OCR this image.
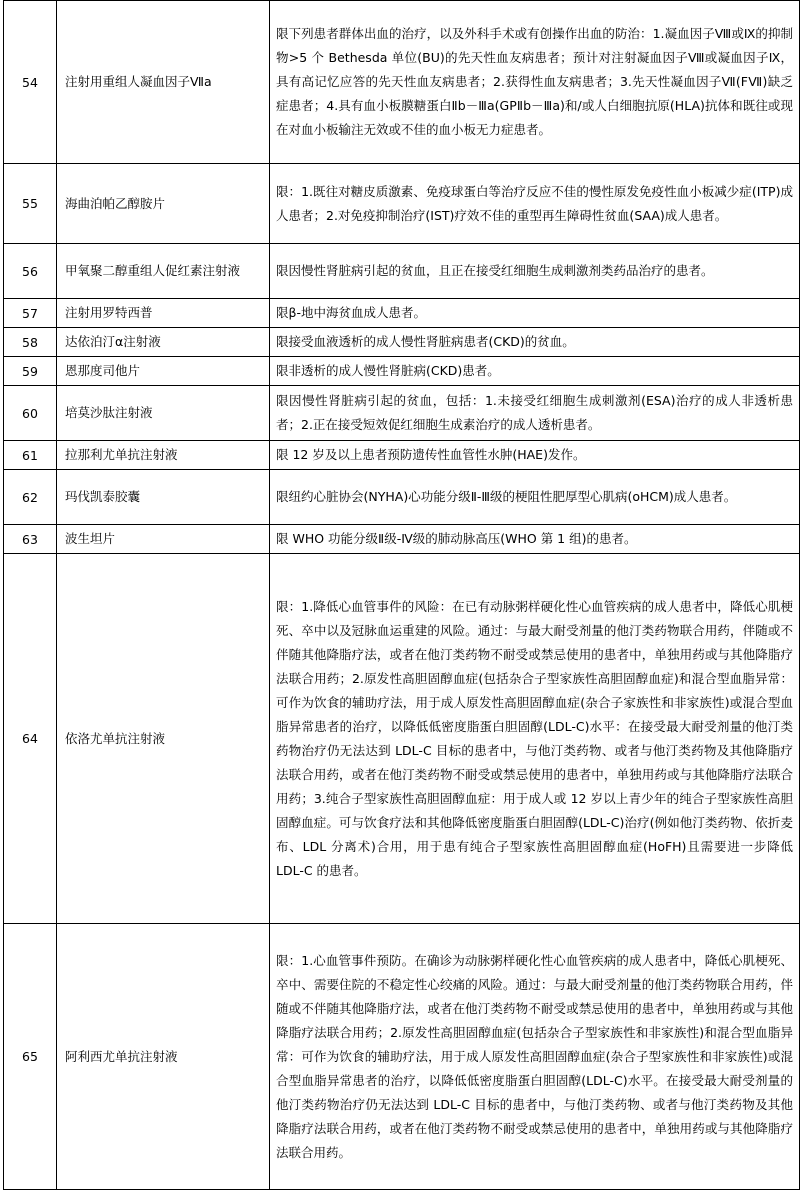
54	注射用重组人凝血因子Ⅶa	限下列患者群体出血的治疗，以及外科手术或有创操作出血的防治：1.凝血因子Ⅷ或Ⅸ的抑制物>5 个 Bethesda 单位(BU)的先天性血友病患者；预计对注射凝血因子Ⅷ或凝血因子Ⅸ，具有高记忆应答的先天性血友病患者；2.获得性血友病患者；3.先天性凝血因子Ⅶ(FⅦ)缺乏症患者；4.具有血小板膜糖蛋白Ⅱb－Ⅲa(GPⅡb－Ⅲa)和/或人白细胞抗原(HLA)抗体和既往或现在对血小板输注无效或不佳的血小板无力症患者。
55	海曲泊帕乙醇胺片	限：1.既往对糖皮质激素、免疫球蛋白等治疗反应不佳的慢性原发免疫性血小板减少症(ITP)成人患者；2.对免疫抑制治疗(IST)疗效不佳的重型再生障碍性贫血(SAA)成人患者。
56	甲氧聚二醇重组人促红素注射液	限因慢性肾脏病引起的贫血，且正在接受红细胞生成刺激剂类药品治疗的患者。
57	注射用罗特西普	限β-地中海贫血成人患者。
58	达依泊汀α注射液	限接受血液透析的成人慢性肾脏病患者(CKD)的贫血。
59	恩那度司他片	限非透析的成人慢性肾脏病(CKD)患者。
60	培莫沙肽注射液	限因慢性肾脏病引起的贫血，包括：1.未接受红细胞生成刺激剂(ESA)治疗的成人非透析患者；2.正在接受短效促红细胞生成素治疗的成人透析患者。
61	拉那利尤单抗注射液	限 12 岁及以上患者预防遗传性血管性水肿(HAE)发作。
62	玛伐凯泰胶囊	限纽约心脏协会(NYHA)心功能分级Ⅱ-Ⅲ级的梗阻性肥厚型心肌病(oHCM)成人患者。
63	波生坦片	限 WHO 功能分级Ⅱ级-Ⅳ级的肺动脉高压(WHO 第 1 组)的患者。
64	依洛尤单抗注射液	限：1.降低心血管事件的风险：在已有动脉粥样硬化性心血管疾病的成人患者中，降低心肌梗死、卒中以及冠脉血运重建的风险。通过：与最大耐受剂量的他汀类药物联合用药，伴随或不伴随其他降脂疗法，或者在他汀类药物不耐受或禁忌使用的患者中，单独用药或与其他降脂疗法联合用药；2.原发性高胆固醇血症(包括杂合子型家族性高胆固醇血症)和混合型血脂异常：可作为饮食的辅助疗法，用于成人原发性高胆固醇血症(杂合子家族性和非家族性)或混合型血脂异常患者的治疗，以降低低密度脂蛋白胆固醇(LDL-C)水平：在接受最大耐受剂量的他汀类药物治疗仍无法达到 LDL-C 目标的患者中，与他汀类药物、或者与他汀类药物及其他降脂疗法联合用药，或者在他汀类药物不耐受或禁忌使用的患者中，单独用药或与其他降脂疗法联合用药；3.纯合子型家族性高胆固醇血症：用于成人或 12 岁以上青少年的纯合子型家族性高胆固醇血症。可与饮食疗法和其他降低密度脂蛋白胆固醇(LDL-C)治疗(例如他汀类药物、依折麦布、LDL 分离术)合用，用于患有纯合子型家族性高胆固醇血症(HoFH)且需要进一步降低 LDL-C 的患者。
65	阿利西尤单抗注射液	限：1.心血管事件预防。在确诊为动脉粥样硬化性心血管疾病的成人患者中，降低心肌梗死、卒中、需要住院的不稳定性心绞痛的风险。通过：与最大耐受剂量的他汀类药物联合用药，伴随或不伴随其他降脂疗法，或者在他汀类药物不耐受或禁忌使用的患者中，单独用药或与其他降脂疗法联合用药；2.原发性高胆固醇血症(包括杂合子型家族性和非家族性)和混合型血脂异常：可作为饮食的辅助疗法，用于成人原发性高胆固醇血症(杂合子型家族性和非家族性)或混合型血脂异常患者的治疗，以降低低密度脂蛋白胆固醇(LDL-C)水平。在接受最大耐受剂量的他汀类药物治疗仍无法达到 LDL-C 目标的患者中，与他汀类药物、或者与他汀类药物及其他降脂疗法联合用药，或者在他汀类药物不耐受或禁忌使用的患者中，单独用药或与其他降脂疗法联合用药。
